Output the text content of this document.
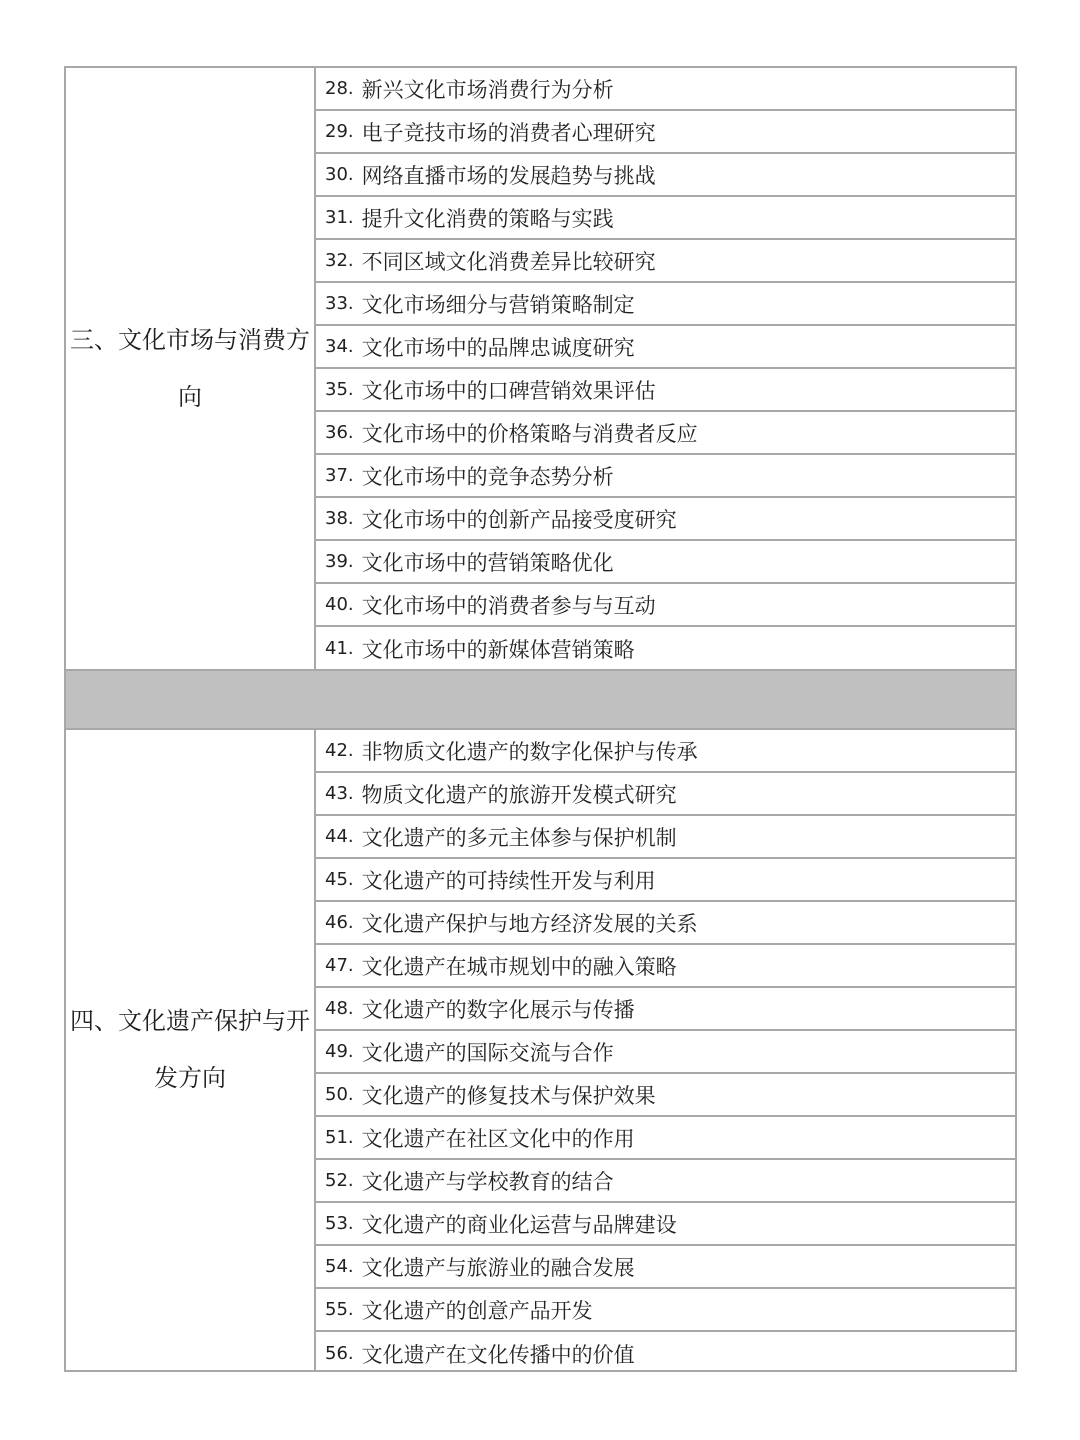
三、文化市场与消费方向
28. 新兴文化市场消费行为分析
29. 电子竞技市场的消费者心理研究
30. 网络直播市场的发展趋势与挑战
31. 提升文化消费的策略与实践
32. 不同区域文化消费差异比较研究
33. 文化市场细分与营销策略制定
34. 文化市场中的品牌忠诚度研究
35. 文化市场中的口碑营销效果评估
36. 文化市场中的价格策略与消费者反应
37. 文化市场中的竞争态势分析
38. 文化市场中的创新产品接受度研究
39. 文化市场中的营销策略优化
40. 文化市场中的消费者参与与互动
41. 文化市场中的新媒体营销策略
四、文化遗产保护与开发方向
42. 非物质文化遗产的数字化保护与传承
43. 物质文化遗产的旅游开发模式研究
44. 文化遗产的多元主体参与保护机制
45. 文化遗产的可持续性开发与利用
46. 文化遗产保护与地方经济发展的关系
47. 文化遗产在城市规划中的融入策略
48. 文化遗产的数字化展示与传播
49. 文化遗产的国际交流与合作
50. 文化遗产的修复技术与保护效果
51. 文化遗产在社区文化中的作用
52. 文化遗产与学校教育的结合
53. 文化遗产的商业化运营与品牌建设
54. 文化遗产与旅游业的融合发展
55. 文化遗产的创意产品开发
56. 文化遗产在文化传播中的价值
